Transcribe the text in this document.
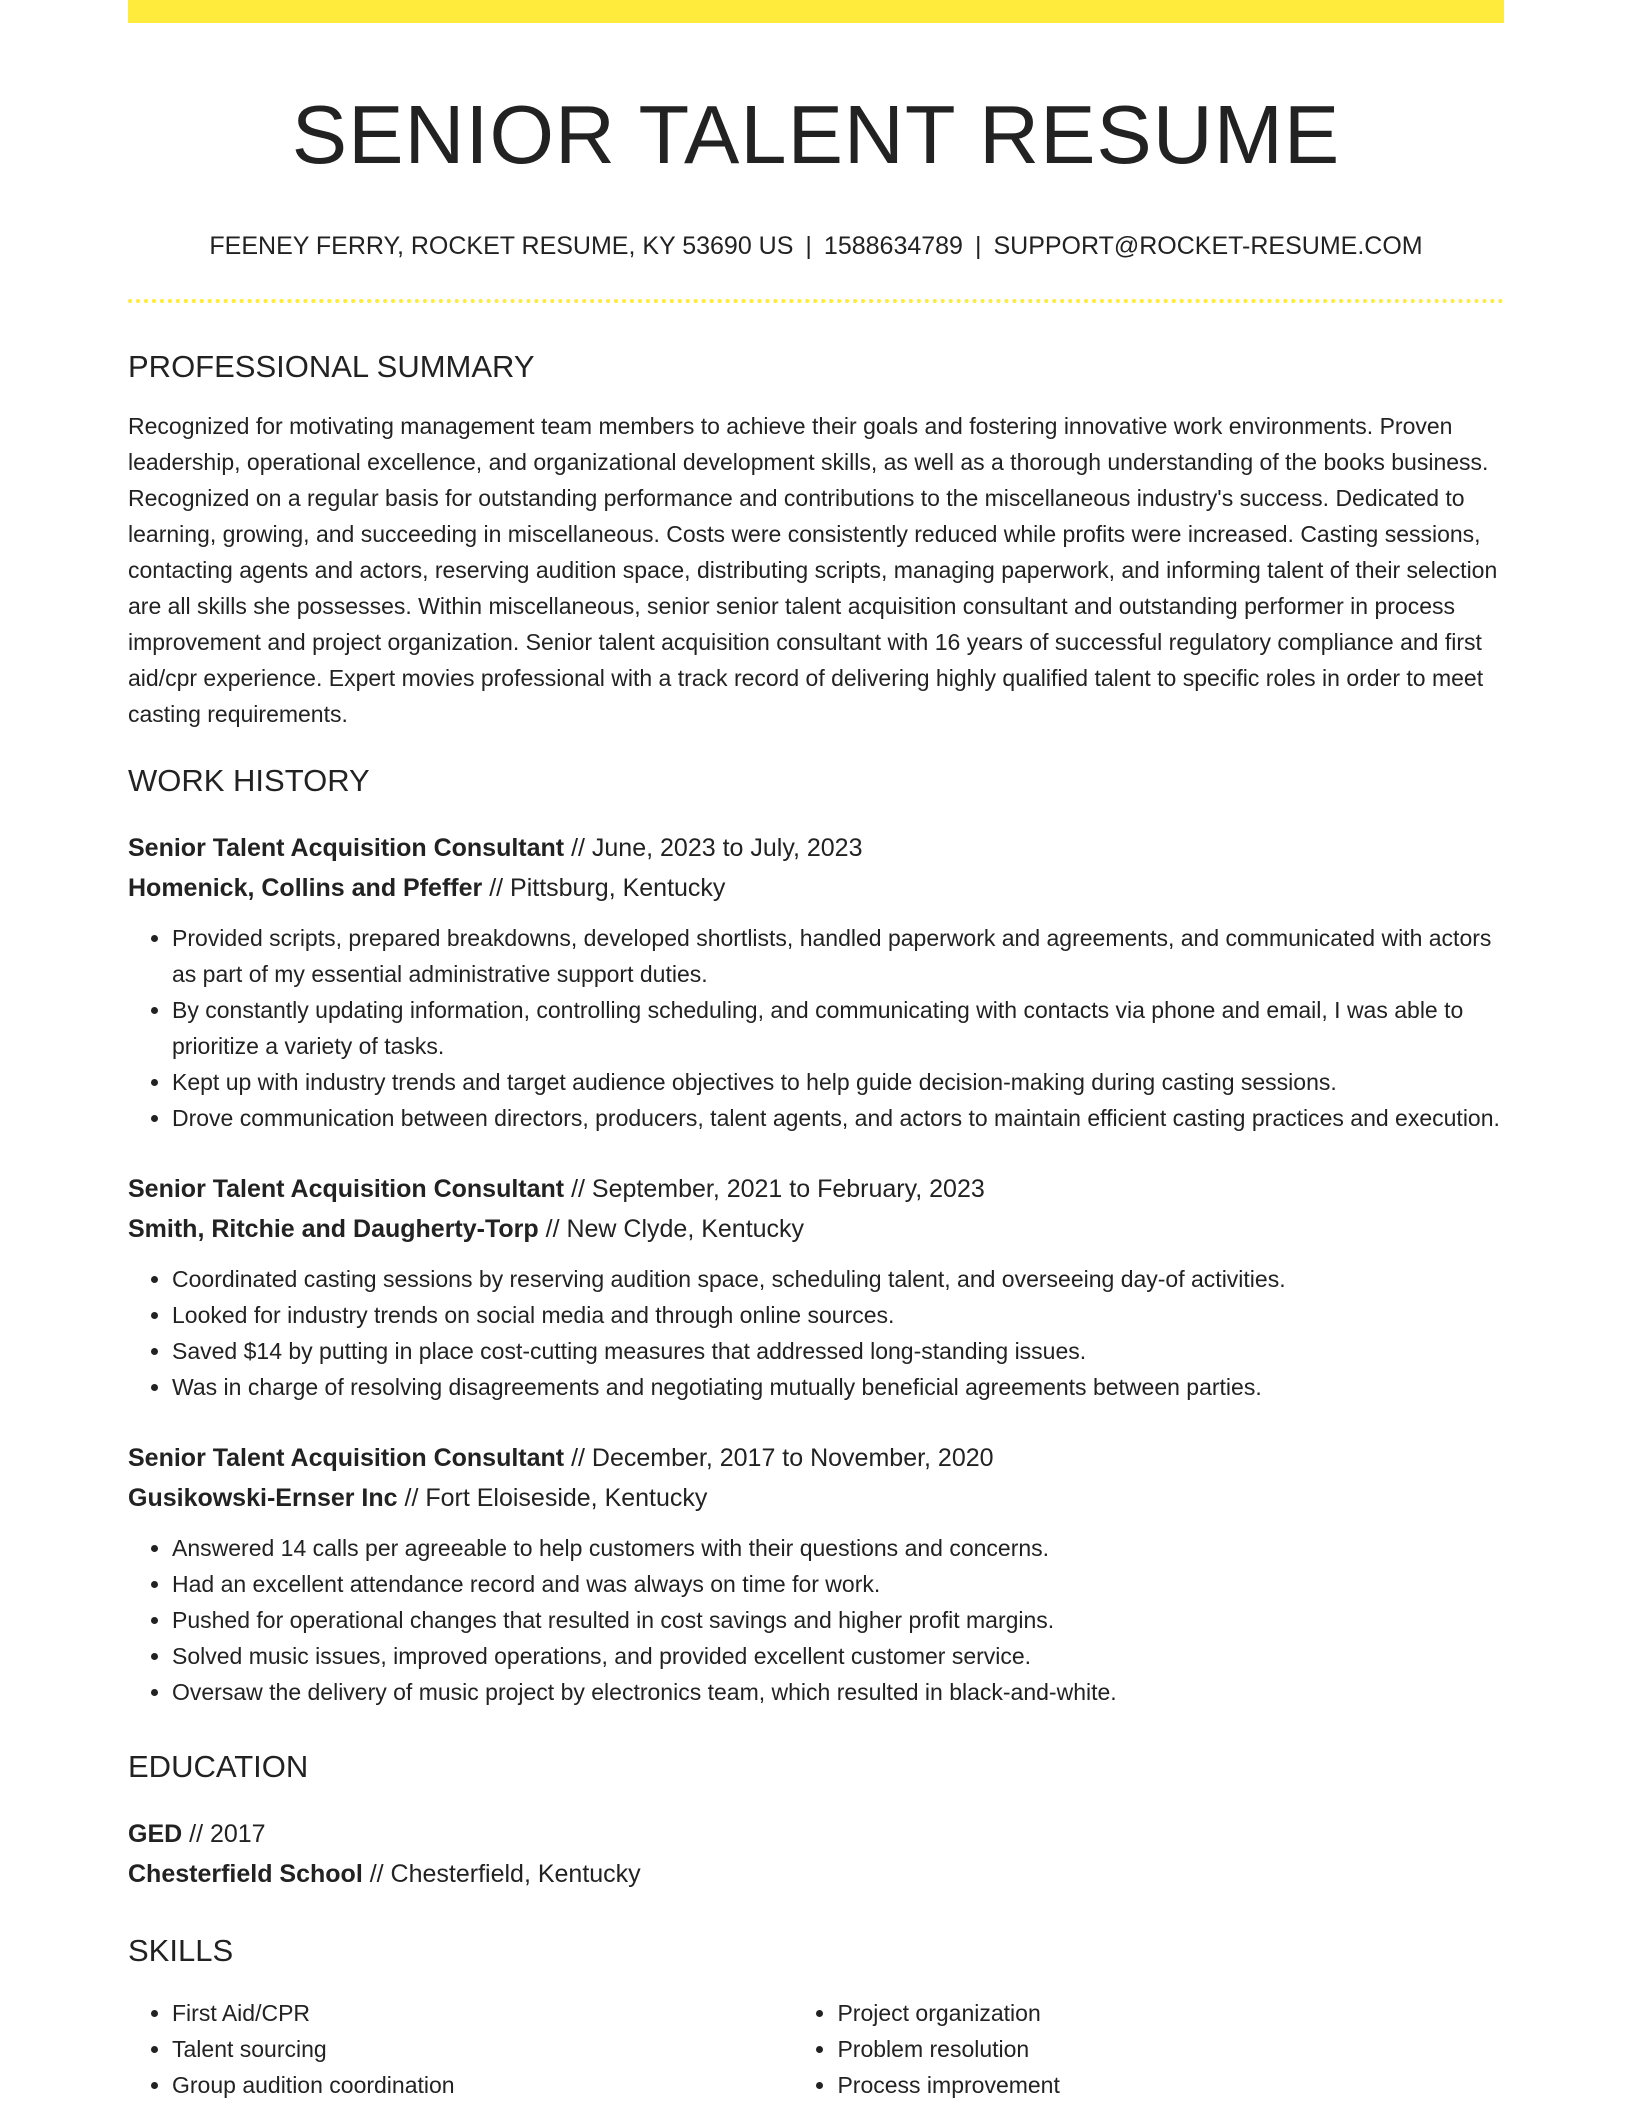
SENIOR TALENT RESUME
FEENEY FERRY, ROCKET RESUME, KY 53690 US | 1588634789 | SUPPORT@ROCKET-RESUME.COM
PROFESSIONAL SUMMARY
Recognized for motivating management team members to achieve their goals and fostering innovative work environments. Proven leadership, operational excellence, and organizational development skills, as well as a thorough understanding of the books business. Recognized on a regular basis for outstanding performance and contributions to the miscellaneous industry's success. Dedicated to learning, growing, and succeeding in miscellaneous. Costs were consistently reduced while profits were increased. Casting sessions, contacting agents and actors, reserving audition space, distributing scripts, managing paperwork, and informing talent of their selection are all skills she possesses. Within miscellaneous, senior senior talent acquisition consultant and outstanding performer in process improvement and project organization. Senior talent acquisition consultant with 16 years of successful regulatory compliance and first aid/cpr experience. Expert movies professional with a track record of delivering highly qualified talent to specific roles in order to meet casting requirements.
WORK HISTORY
Senior Talent Acquisition Consultant // June, 2023 to July, 2023
Homenick, Collins and Pfeffer // Pittsburg, Kentucky
• Provided scripts, prepared breakdowns, developed shortlists, handled paperwork and agreements, and communicated with actors as part of my essential administrative support duties.
• By constantly updating information, controlling scheduling, and communicating with contacts via phone and email, I was able to prioritize a variety of tasks.
• Kept up with industry trends and target audience objectives to help guide decision-making during casting sessions.
• Drove communication between directors, producers, talent agents, and actors to maintain efficient casting practices and execution.
Senior Talent Acquisition Consultant // September, 2021 to February, 2023
Smith, Ritchie and Daugherty-Torp // New Clyde, Kentucky
• Coordinated casting sessions by reserving audition space, scheduling talent, and overseeing day-of activities.
• Looked for industry trends on social media and through online sources.
• Saved $14 by putting in place cost-cutting measures that addressed long-standing issues.
• Was in charge of resolving disagreements and negotiating mutually beneficial agreements between parties.
Senior Talent Acquisition Consultant // December, 2017 to November, 2020
Gusikowski-Ernser Inc // Fort Eloiseside, Kentucky
• Answered 14 calls per agreeable to help customers with their questions and concerns.
• Had an excellent attendance record and was always on time for work.
• Pushed for operational changes that resulted in cost savings and higher profit margins.
• Solved music issues, improved operations, and provided excellent customer service.
• Oversaw the delivery of music project by electronics team, which resulted in black-and-white.
EDUCATION
GED // 2017
Chesterfield School // Chesterfield, Kentucky
SKILLS
• First Aid/CPR
• Talent sourcing
• Group audition coordination
• Project organization
• Problem resolution
• Process improvement
